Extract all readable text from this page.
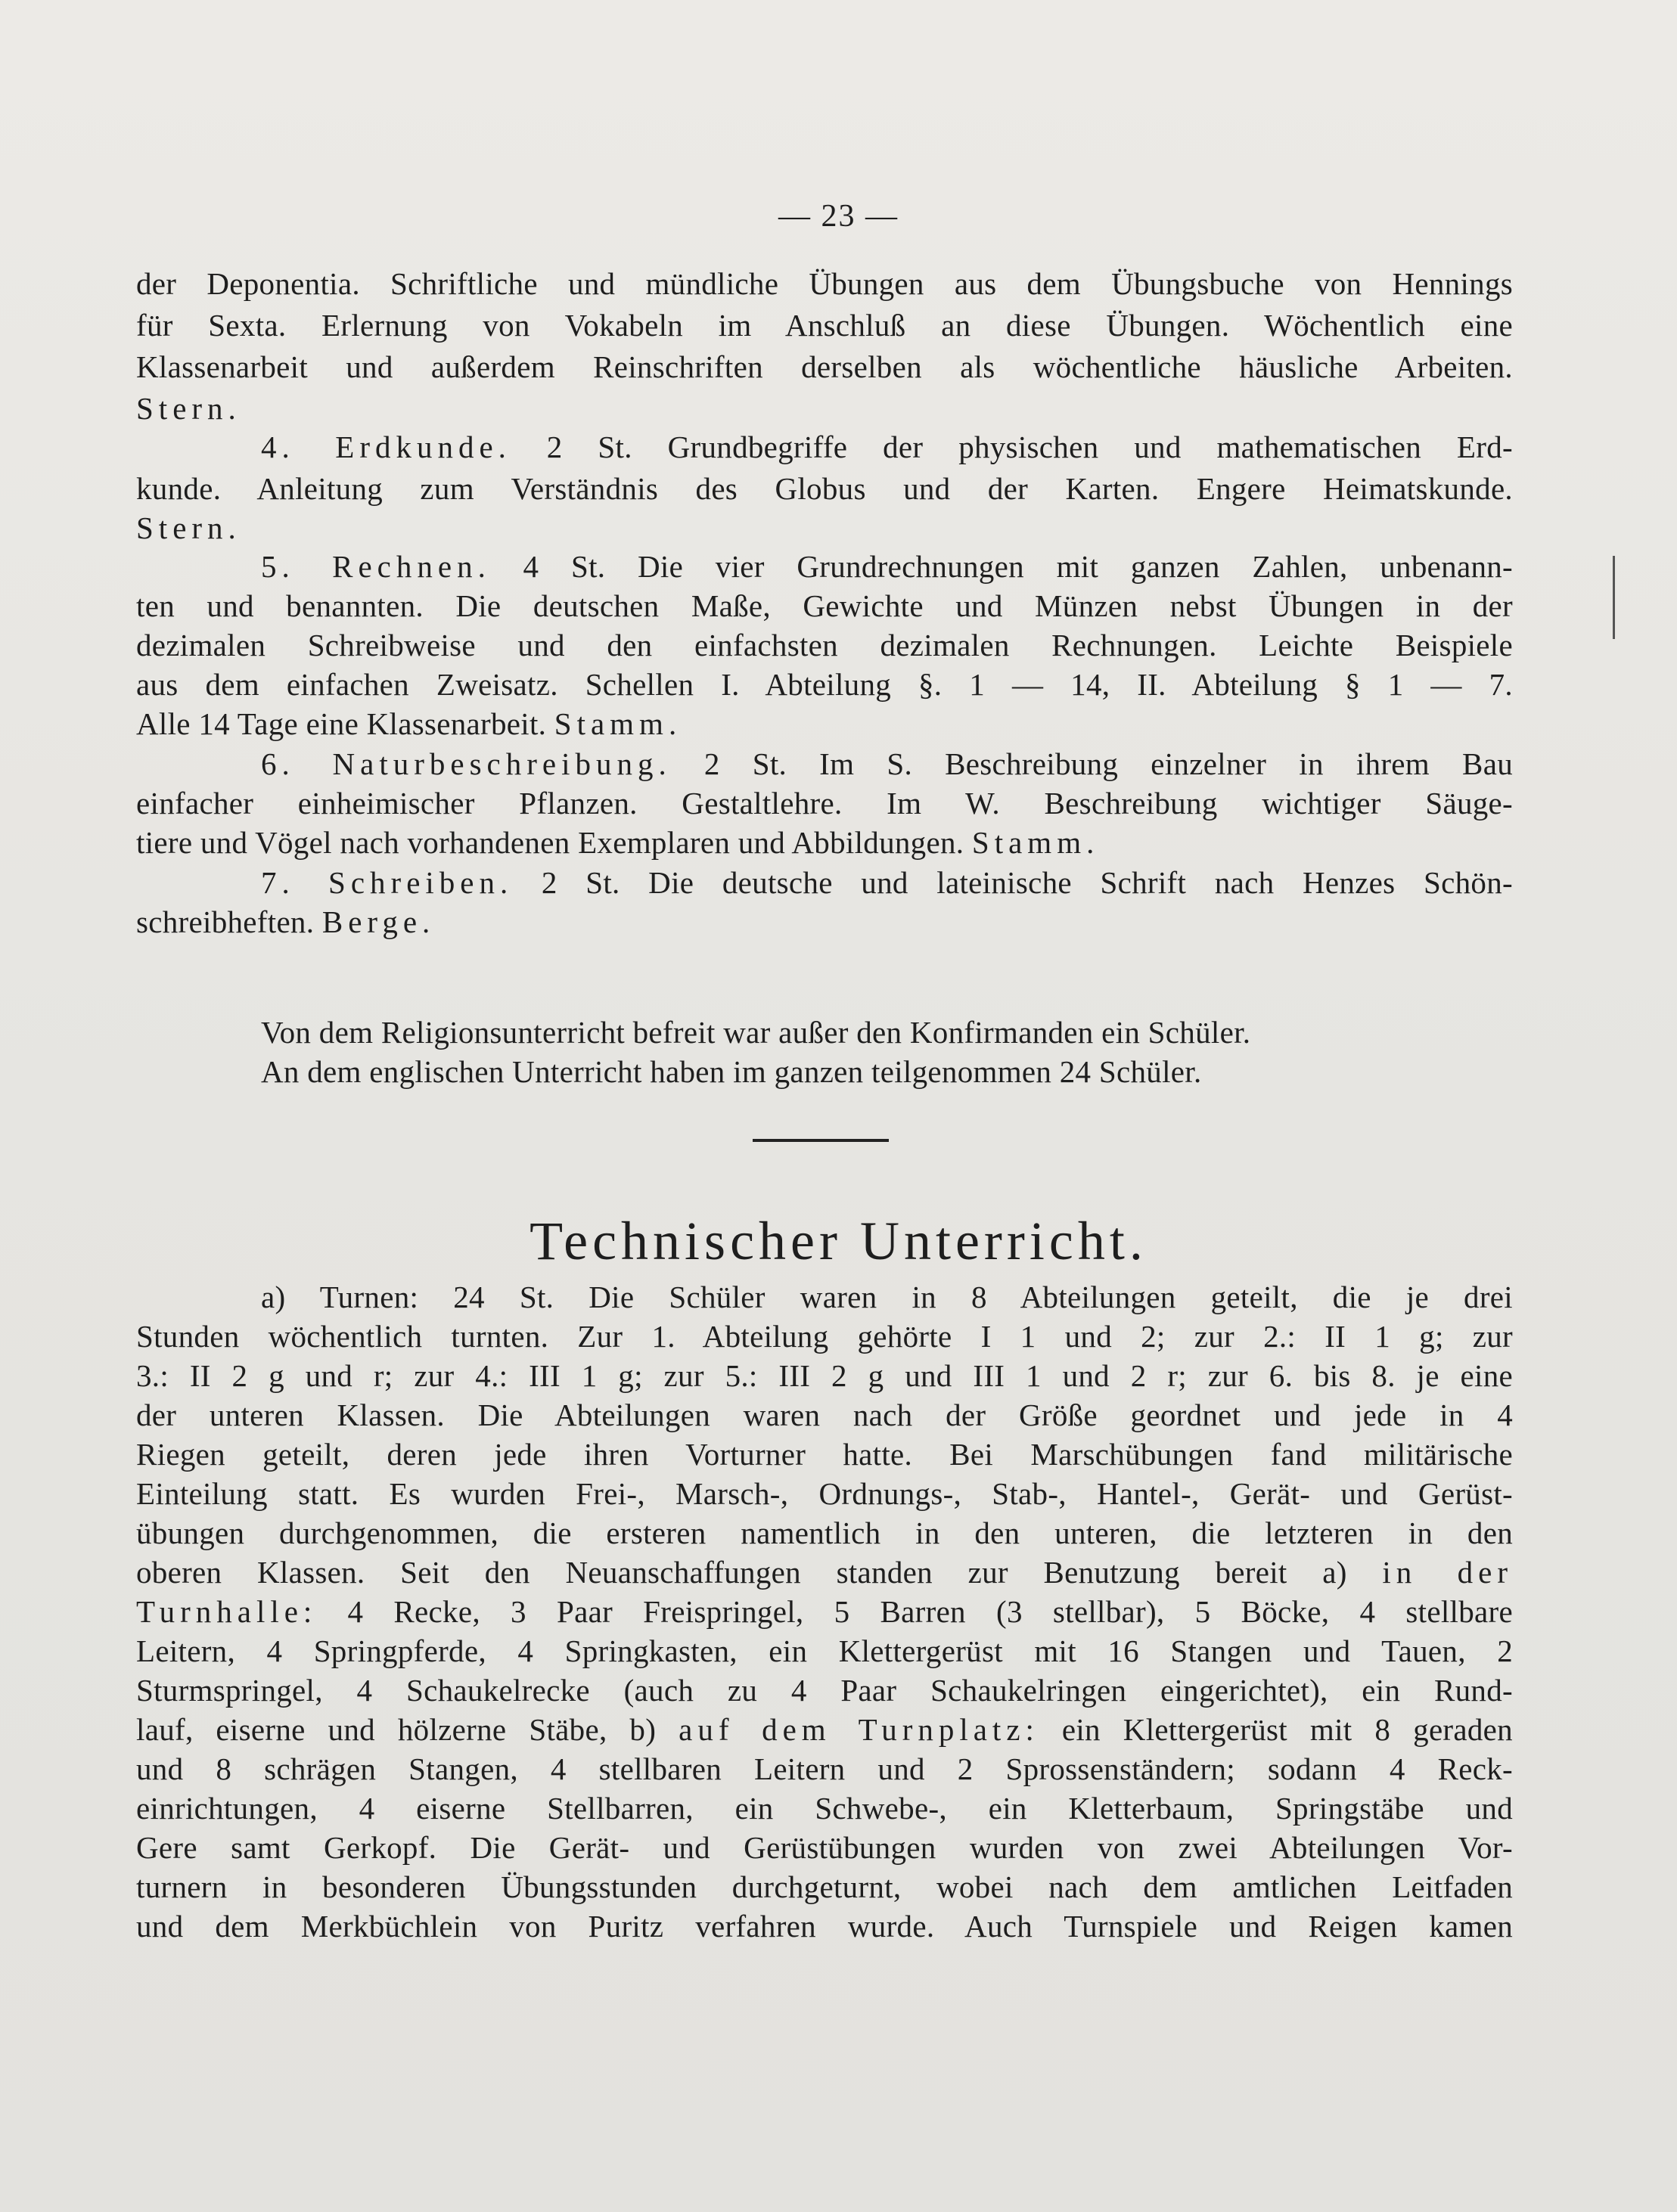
— 23 —
der Deponentia. Schriftliche und mündliche Übungen aus dem Übungsbuche von Hennings
für Sexta. Erlernung von Vokabeln im Anschluß an diese Übungen. Wöchentlich eine
Klassenarbeit und außerdem Reinschriften derselben als wöchentliche häusliche Arbeiten.
Stern.
4. Erdkunde. 2 St. Grundbegriffe der physischen und mathematischen Erd-
kunde. Anleitung zum Verständnis des Globus und der Karten. Engere Heimatskunde.
Stern.
5. Rechnen. 4 St. Die vier Grundrechnungen mit ganzen Zahlen, unbenann-
ten und benannten. Die deutschen Maße, Gewichte und Münzen nebst Übungen in der
dezimalen Schreibweise und den einfachsten dezimalen Rechnungen. Leichte Beispiele
aus dem einfachen Zweisatz. Schellen I. Abteilung §. 1 — 14, II. Abteilung § 1 — 7.
Alle 14 Tage eine Klassenarbeit. Stamm.
6. Naturbeschreibung. 2 St. Im S. Beschreibung einzelner in ihrem Bau
einfacher einheimischer Pflanzen. Gestaltlehre. Im W. Beschreibung wichtiger Säuge-
tiere und Vögel nach vorhandenen Exemplaren und Abbildungen. Stamm.
7. Schreiben. 2 St. Die deutsche und lateinische Schrift nach Henzes Schön-
schreibheften. Berge.
Von dem Religionsunterricht befreit war außer den Konfirmanden ein Schüler.
An dem englischen Unterricht haben im ganzen teilgenommen 24 Schüler.
Technischer Unterricht.
a) Turnen: 24 St. Die Schüler waren in 8 Abteilungen geteilt, die je drei
Stunden wöchentlich turnten. Zur 1. Abteilung gehörte I 1 und 2; zur 2.: II 1 g; zur
3.: II 2 g und r; zur 4.: III 1 g; zur 5.: III 2 g und III 1 und 2 r; zur 6. bis 8. je eine
der unteren Klassen. Die Abteilungen waren nach der Größe geordnet und jede in 4
Riegen geteilt, deren jede ihren Vorturner hatte. Bei Marschübungen fand militärische
Einteilung statt. Es wurden Frei-, Marsch-, Ordnungs-, Stab-, Hantel-, Gerät- und Gerüst-
übungen durchgenommen, die ersteren namentlich in den unteren, die letzteren in den
oberen Klassen. Seit den Neuanschaffungen standen zur Benutzung bereit a) in der
Turnhalle: 4 Recke, 3 Paar Freispringel, 5 Barren (3 stellbar), 5 Böcke, 4 stellbare
Leitern, 4 Springpferde, 4 Springkasten, ein Klettergerüst mit 16 Stangen und Tauen, 2
Sturmspringel, 4 Schaukelrecke (auch zu 4 Paar Schaukelringen eingerichtet), ein Rund-
lauf, eiserne und hölzerne Stäbe, b) auf dem Turnplatz: ein Klettergerüst mit 8 geraden
und 8 schrägen Stangen, 4 stellbaren Leitern und 2 Sprossenständern; sodann 4 Reck-
einrichtungen, 4 eiserne Stellbarren, ein Schwebe-, ein Kletterbaum, Springstäbe und
Gere samt Gerkopf. Die Gerät- und Gerüstübungen wurden von zwei Abteilungen Vor-
turnern in besonderen Übungsstunden durchgeturnt, wobei nach dem amtlichen Leitfaden
und dem Merkbüchlein von Puritz verfahren wurde. Auch Turnspiele und Reigen kamen
